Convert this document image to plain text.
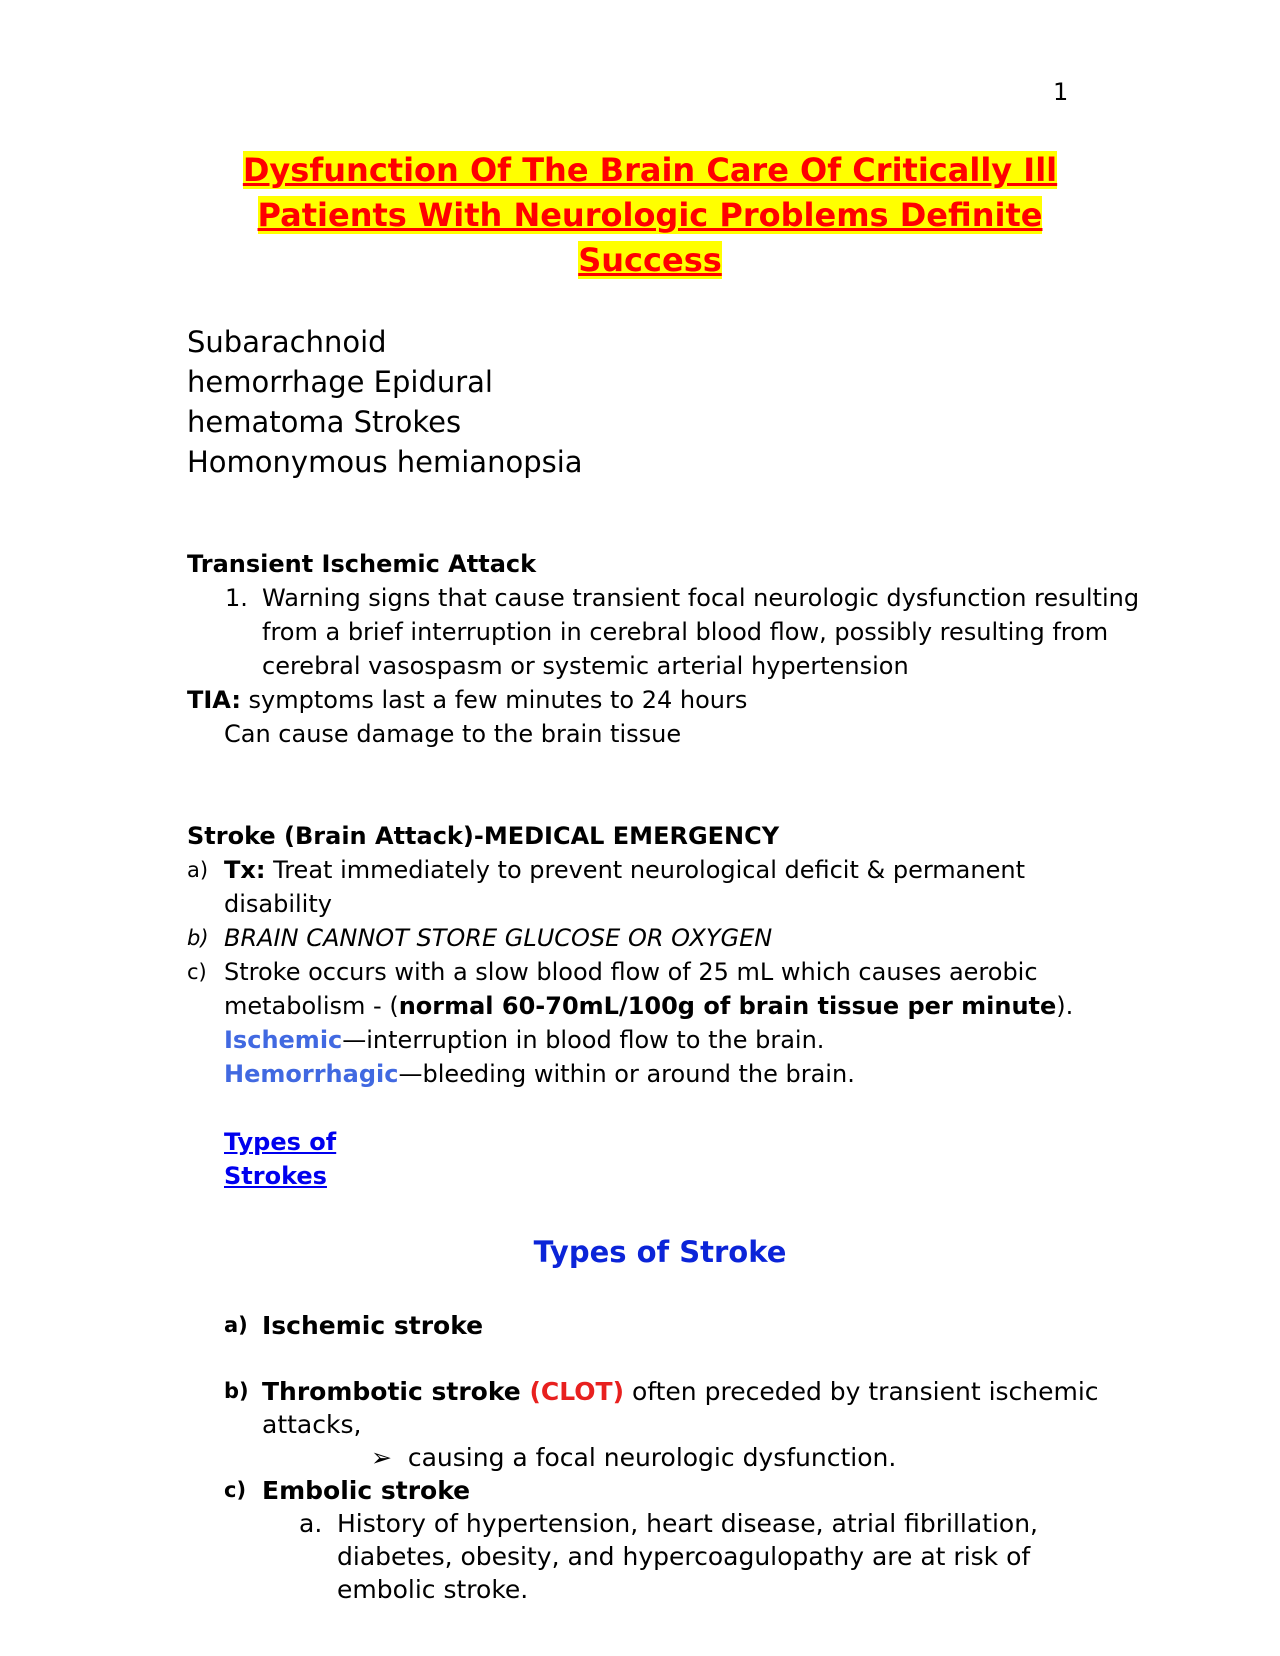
1
Dysfunction Of The Brain Care Of Critically Ill Patients With Neurologic Problems Definite Success
Subarachnoid
hemorrhage Epidural
hematoma Strokes
Homonymous hemianopsia
Transient Ischemic Attack
1. Warning signs that cause transient focal neurologic dysfunction resulting from a brief interruption in cerebral blood flow, possibly resulting from cerebral vasospasm or systemic arterial hypertension
TIA: symptoms last a few minutes to 24 hours
Can cause damage to the brain tissue
Stroke (Brain Attack)-MEDICAL EMERGENCY
a) Tx: Treat immediately to prevent neurological deficit & permanent disability
b) BRAIN CANNOT STORE GLUCOSE OR OXYGEN
c) Stroke occurs with a slow blood flow of 25 mL which causes aerobic metabolism - (normal 60-70mL/100g of brain tissue per minute).
Ischemic—interruption in blood flow to the brain.
Hemorrhagic—bleeding within or around the brain.
Types of
Strokes
Types of Stroke
a) Ischemic stroke
b) Thrombotic stroke (CLOT) often preceded by transient ischemic attacks,
➢ causing a focal neurologic dysfunction.
c) Embolic stroke
a. History of hypertension, heart disease, atrial fibrillation, diabetes, obesity, and hypercoagulopathy are at risk of embolic stroke.
